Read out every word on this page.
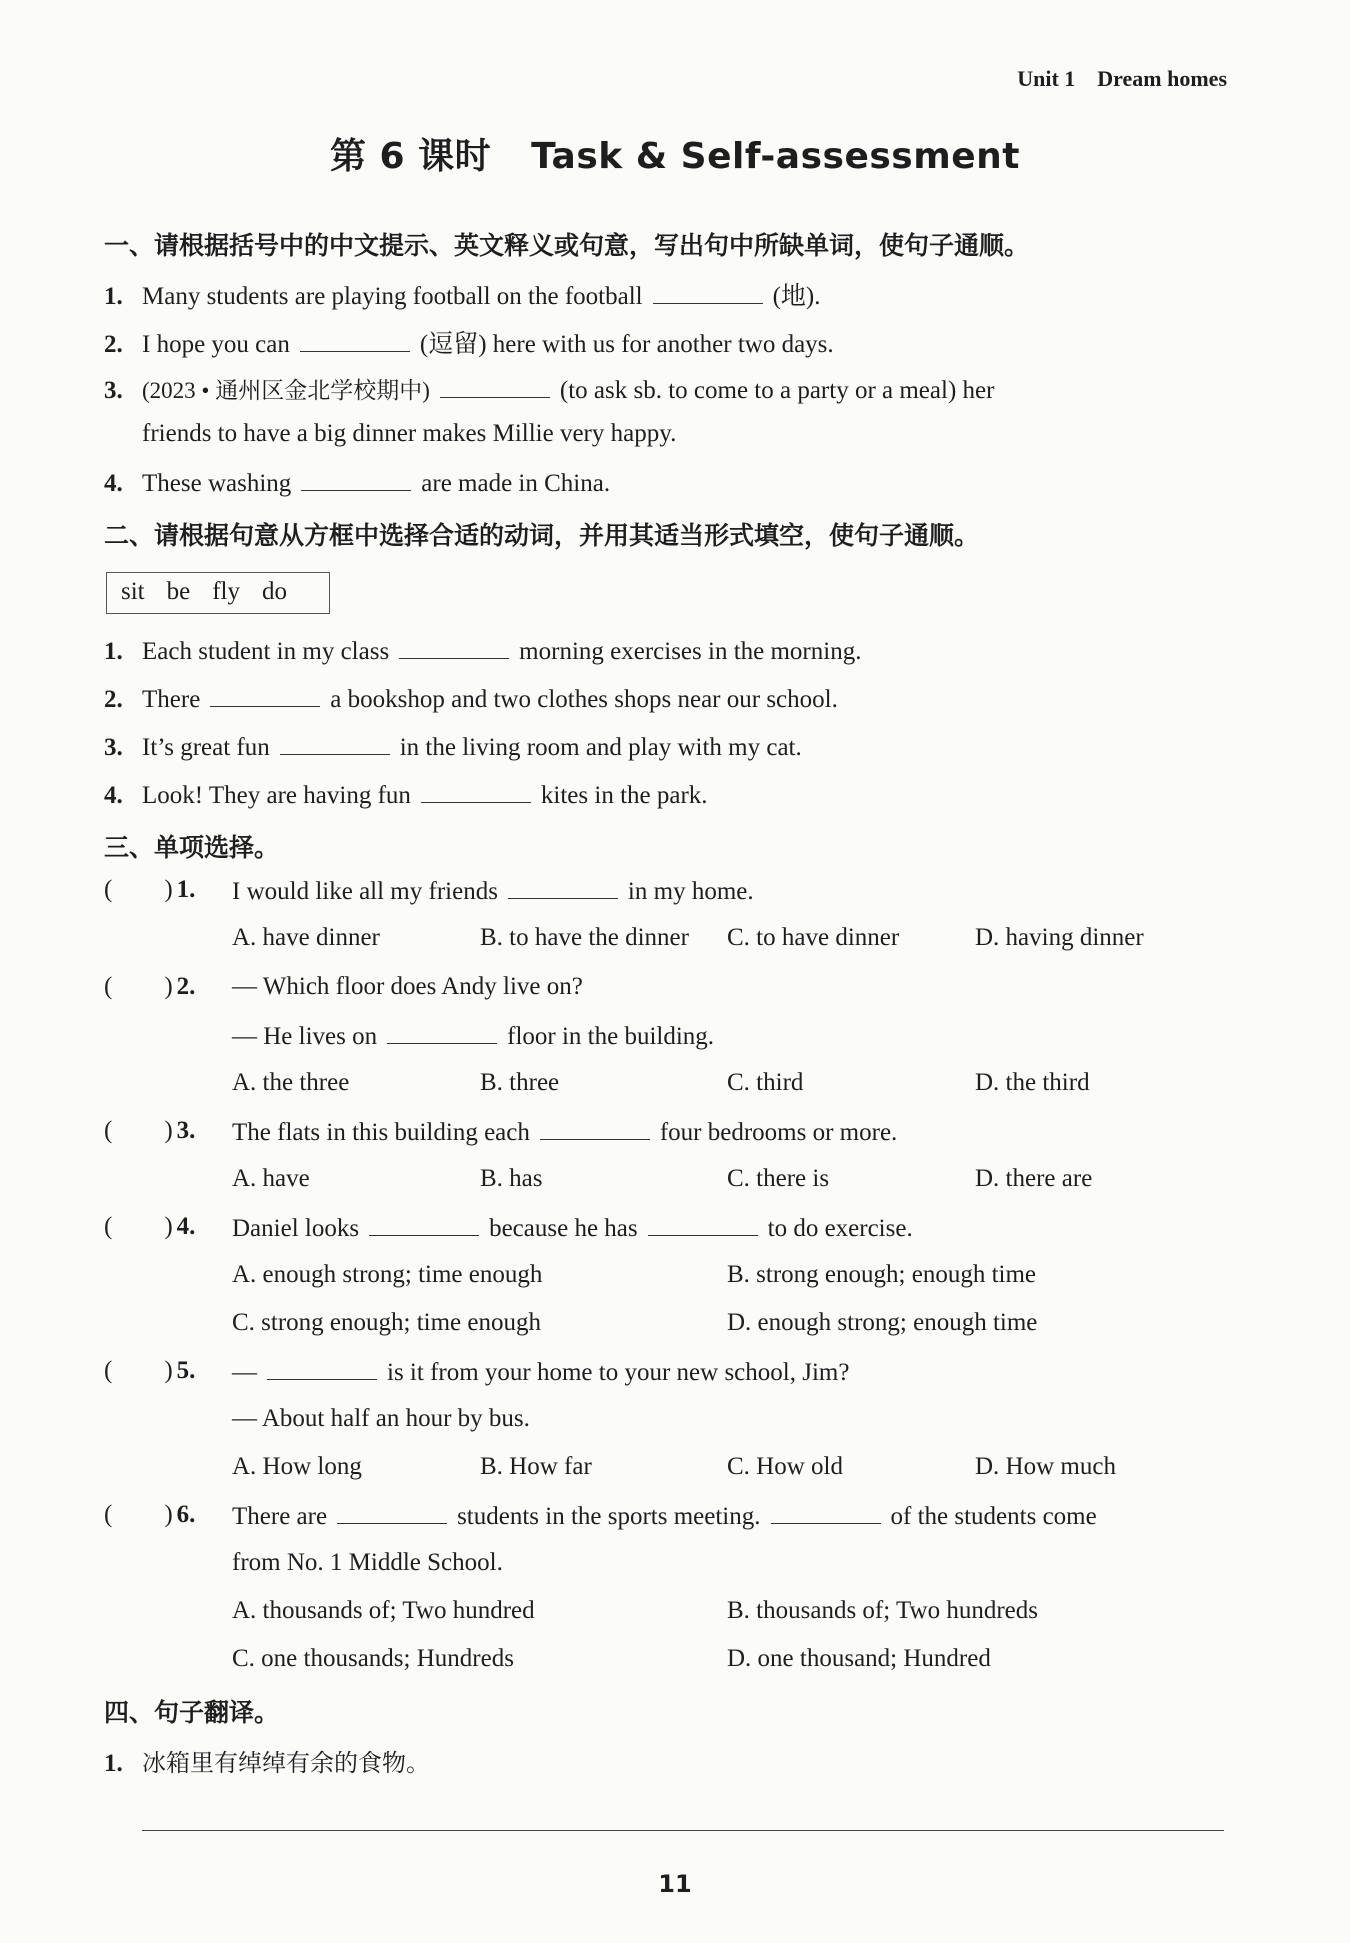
Unit 1 Dream homes
第 6 课时 Task & Self-assessment
一、请根据括号中的中文提示、英文释义或句意，写出句中所缺单词，使句子通顺。
1. Many students are playing football on the football	(地).
2. I hope you can	(逗留) here with us for another two days.
3. (2023 • 通州区金北学校期中)	(to ask sb. to come to a party or a meal) her
friends to have a big dinner makes Millie very happy.
4. These washing	are made in China.
二、请根据句意从方框中选择合适的动词，并用其适当形式填空，使句子通顺。
sit be fly do
1. Each student in my class	morning exercises in the morning.
2. There	a bookshop and two clothes shops near our school.
3. It’s great fun	in the living room and play with my cat.
4. Look! They are having fun	kites in the park.
三、单项选择。
( ) 1. I would like all my friends	in my home.
A. have dinner	B. to have the dinner C. to have dinner	D. having dinner
( ) 2. — Which floor does Andy live on?
— He lives on	floor in the building.
A. the three	B. three	C. third	D. the third
( ) 3. The flats in this building each	four bedrooms or more.
A. have	B. has	C. there is	D. there are
( ) 4. Daniel looks	because he has	to do exercise.
A. enough strong; time enough	B. strong enough; enough time
C. strong enough; time enough	D. enough strong; enough time
( ) 5. —	is it from your home to your new school, Jim?
— About half an hour by bus.
A. How long	B. How far	C. How old	D. How much
( ) 6. There are	students in the sports meeting.	of the students come
from No. 1 Middle School.
A. thousands of; Two hundred	B. thousands of; Two hundreds
C. one thousands; Hundreds	D. one thousand; Hundred
四、句子翻译。
1. 冰箱里有绰绰有余的食物。
11
